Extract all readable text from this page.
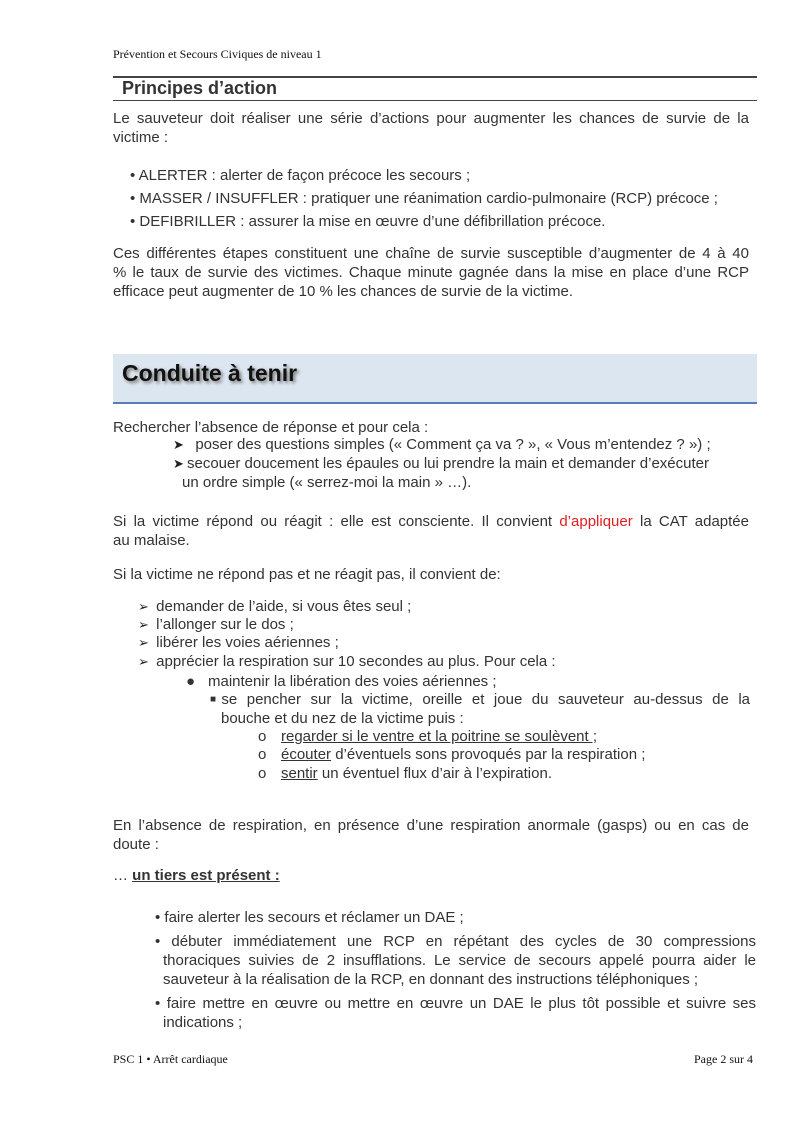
Prévention et Secours Civiques de niveau 1
Principes d’action
Le sauveteur doit réaliser une série d’actions pour augmenter les chances de survie de la
victime :
• ALERTER : alerter de façon précoce les secours ;
• MASSER / INSUFFLER : pratiquer une réanimation cardio-pulmonaire (RCP) précoce ;
• DEFIBRILLER : assurer la mise en œuvre d’une défibrillation précoce.
Ces différentes étapes constituent une chaîne de survie susceptible d’augmenter de 4 à 40
% le taux de survie des victimes. Chaque minute gagnée dans la mise en place d’une RCP
efficace peut augmenter de 10 % les chances de survie de la victime.
Conduite à tenir
Rechercher l’absence de réponse et pour cela :
➤ poser des questions simples (« Comment ça va ? », « Vous m’entendez ? ») ;
➤ secouer doucement les épaules ou lui prendre la main et demander d’exécuter
un ordre simple (« serrez-moi la main » …).
Si la victime répond ou réagit : elle est consciente. Il convient d’appliquer la CAT adaptée
au malaise.
Si la victime ne répond pas et ne réagit pas, il convient de:
➢ demander de l’aide, si vous êtes seul ;
➢ l’allonger sur le dos ;
➢ libérer les voies aériennes ;
➢ apprécier la respiration sur 10 secondes au plus. Pour cela :
● maintenir la libération des voies aériennes ;
■se pencher sur la victime, oreille et joue du sauveteur au-dessus de la
bouche et du nez de la victime puis :
o regarder si le ventre et la poitrine se soulèvent ;
o écouter d’éventuels sons provoqués par la respiration ;
o sentir un éventuel flux d’air à l’expiration.
En l’absence de respiration, en présence d’une respiration anormale (gasps) ou en cas de
doute :
… un tiers est présent :
• faire alerter les secours et réclamer un DAE ;
• débuter immédiatement une RCP en répétant des cycles de 30 compressions
thoraciques suivies de 2 insufflations. Le service de secours appelé pourra aider le
sauveteur à la réalisation de la RCP, en donnant des instructions téléphoniques ;
• faire mettre en œuvre ou mettre en œuvre un DAE le plus tôt possible et suivre ses
indications ;
PSC 1 • Arrêt cardiaque	Page 2 sur 4
